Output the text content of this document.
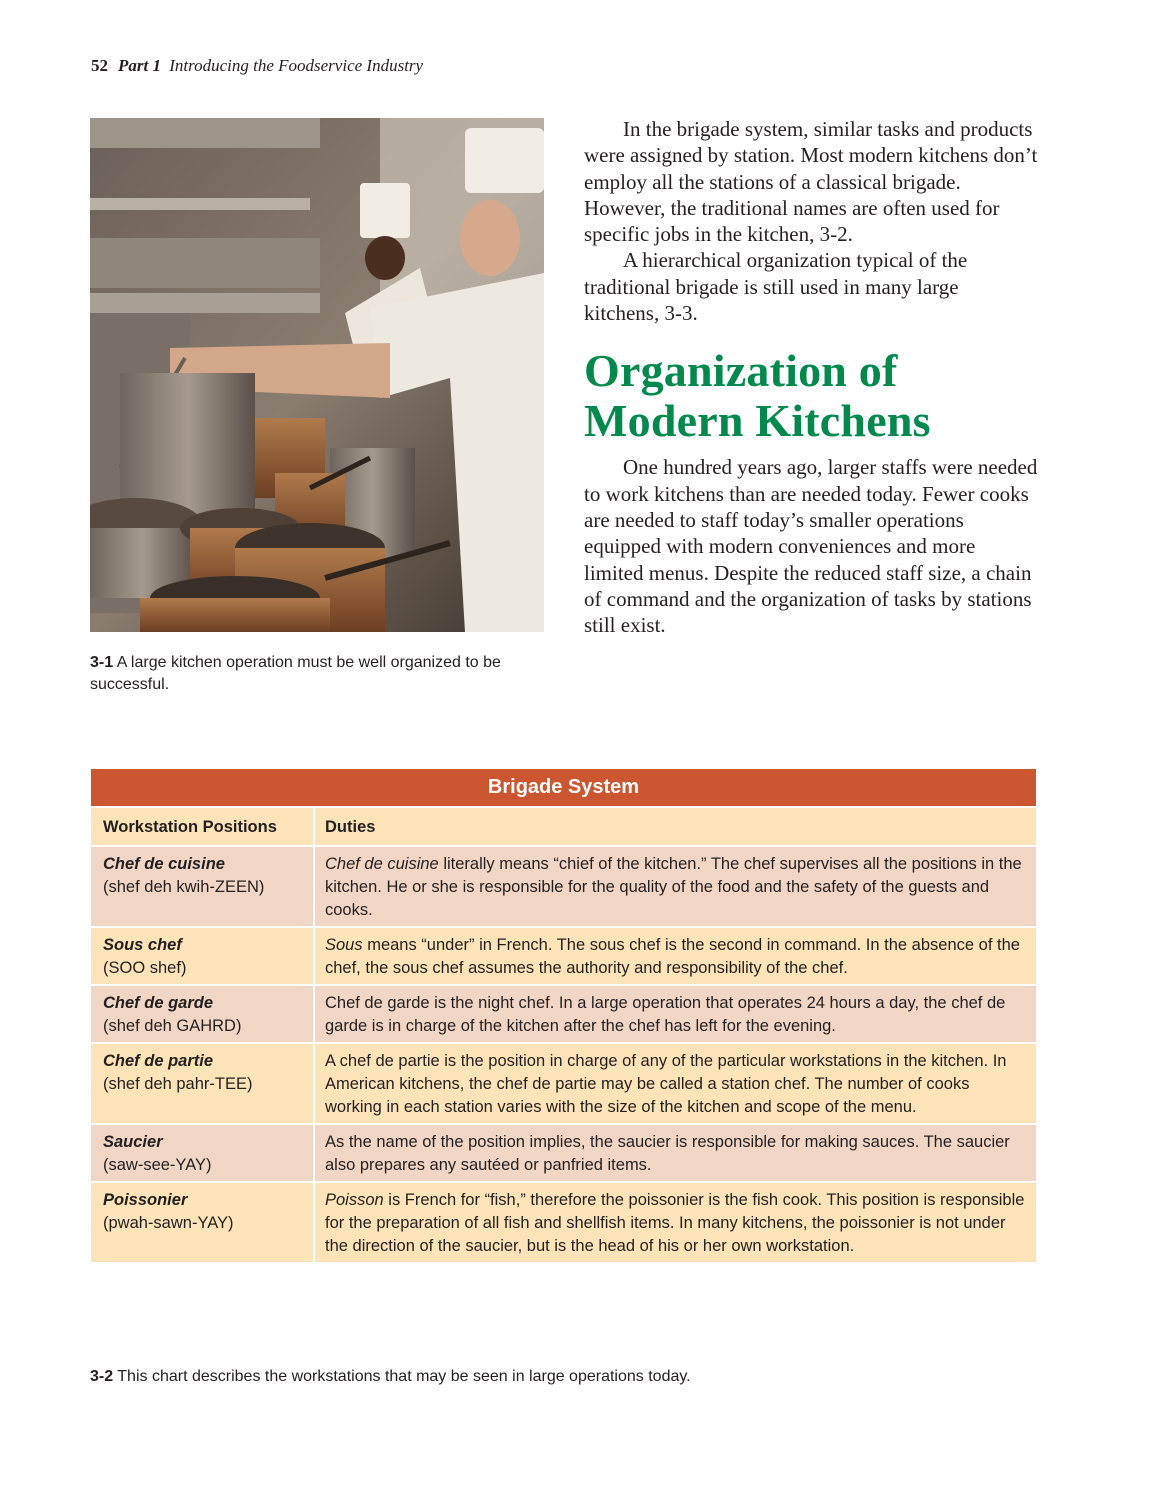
52 Part 1 Introducing the Foodservice Industry
3-1 A large kitchen operation must be well organized to be successful.

In the brigade system, similar tasks and products were assigned by station. Most modern kitchens don’t employ all the stations of a classical brigade. However, the traditional names are often used for specific jobs in the kitchen, 3-2.

A hierarchical organization typical of the traditional brigade is still used in many large kitchens, 3-3.

Organization of Modern Kitchens

One hundred years ago, larger staffs were needed to work kitchens than are needed today. Fewer cooks are needed to staff today’s smaller operations equipped with modern conveniences and more limited menus. Despite the reduced staff size, a chain of command and the organization of tasks by stations still exist.

Brigade System
Workstation Positions	Duties
Chef de cuisine
(shef deh kwih-ZEEN)
Chef de cuisine literally means “chief of the kitchen.” The chef supervises all the positions in the kitchen. He or she is responsible for the quality of the food and the safety of the guests and cooks.
Sous chef
(SOO shef)
Sous means “under” in French. The sous chef is the second in command. In the absence of the chef, the sous chef assumes the authority and responsibility of the chef.
Chef de garde
(shef deh GAHRD)
Chef de garde is the night chef. In a large operation that operates 24 hours a day, the chef de garde is in charge of the kitchen after the chef has left for the evening.
Chef de partie
(shef deh pahr-TEE)
A chef de partie is the position in charge of any of the particular workstations in the kitchen. In American kitchens, the chef de partie may be called a station chef. The number of cooks working in each station varies with the size of the kitchen and scope of the menu.
Saucier
(saw-see-YAY)
As the name of the position implies, the saucier is responsible for making sauces. The saucier also prepares any sautéed or panfried items.
Poissonier
(pwah-sawn-YAY)
Poisson is French for “fish,” therefore the poissonier is the fish cook. This position is responsible for the preparation of all fish and shellfish items. In many kitchens, the poissonier is not under the direction of the saucier, but is the head of his or her own workstation.
3-2 This chart describes the workstations that may be seen in large operations today.
